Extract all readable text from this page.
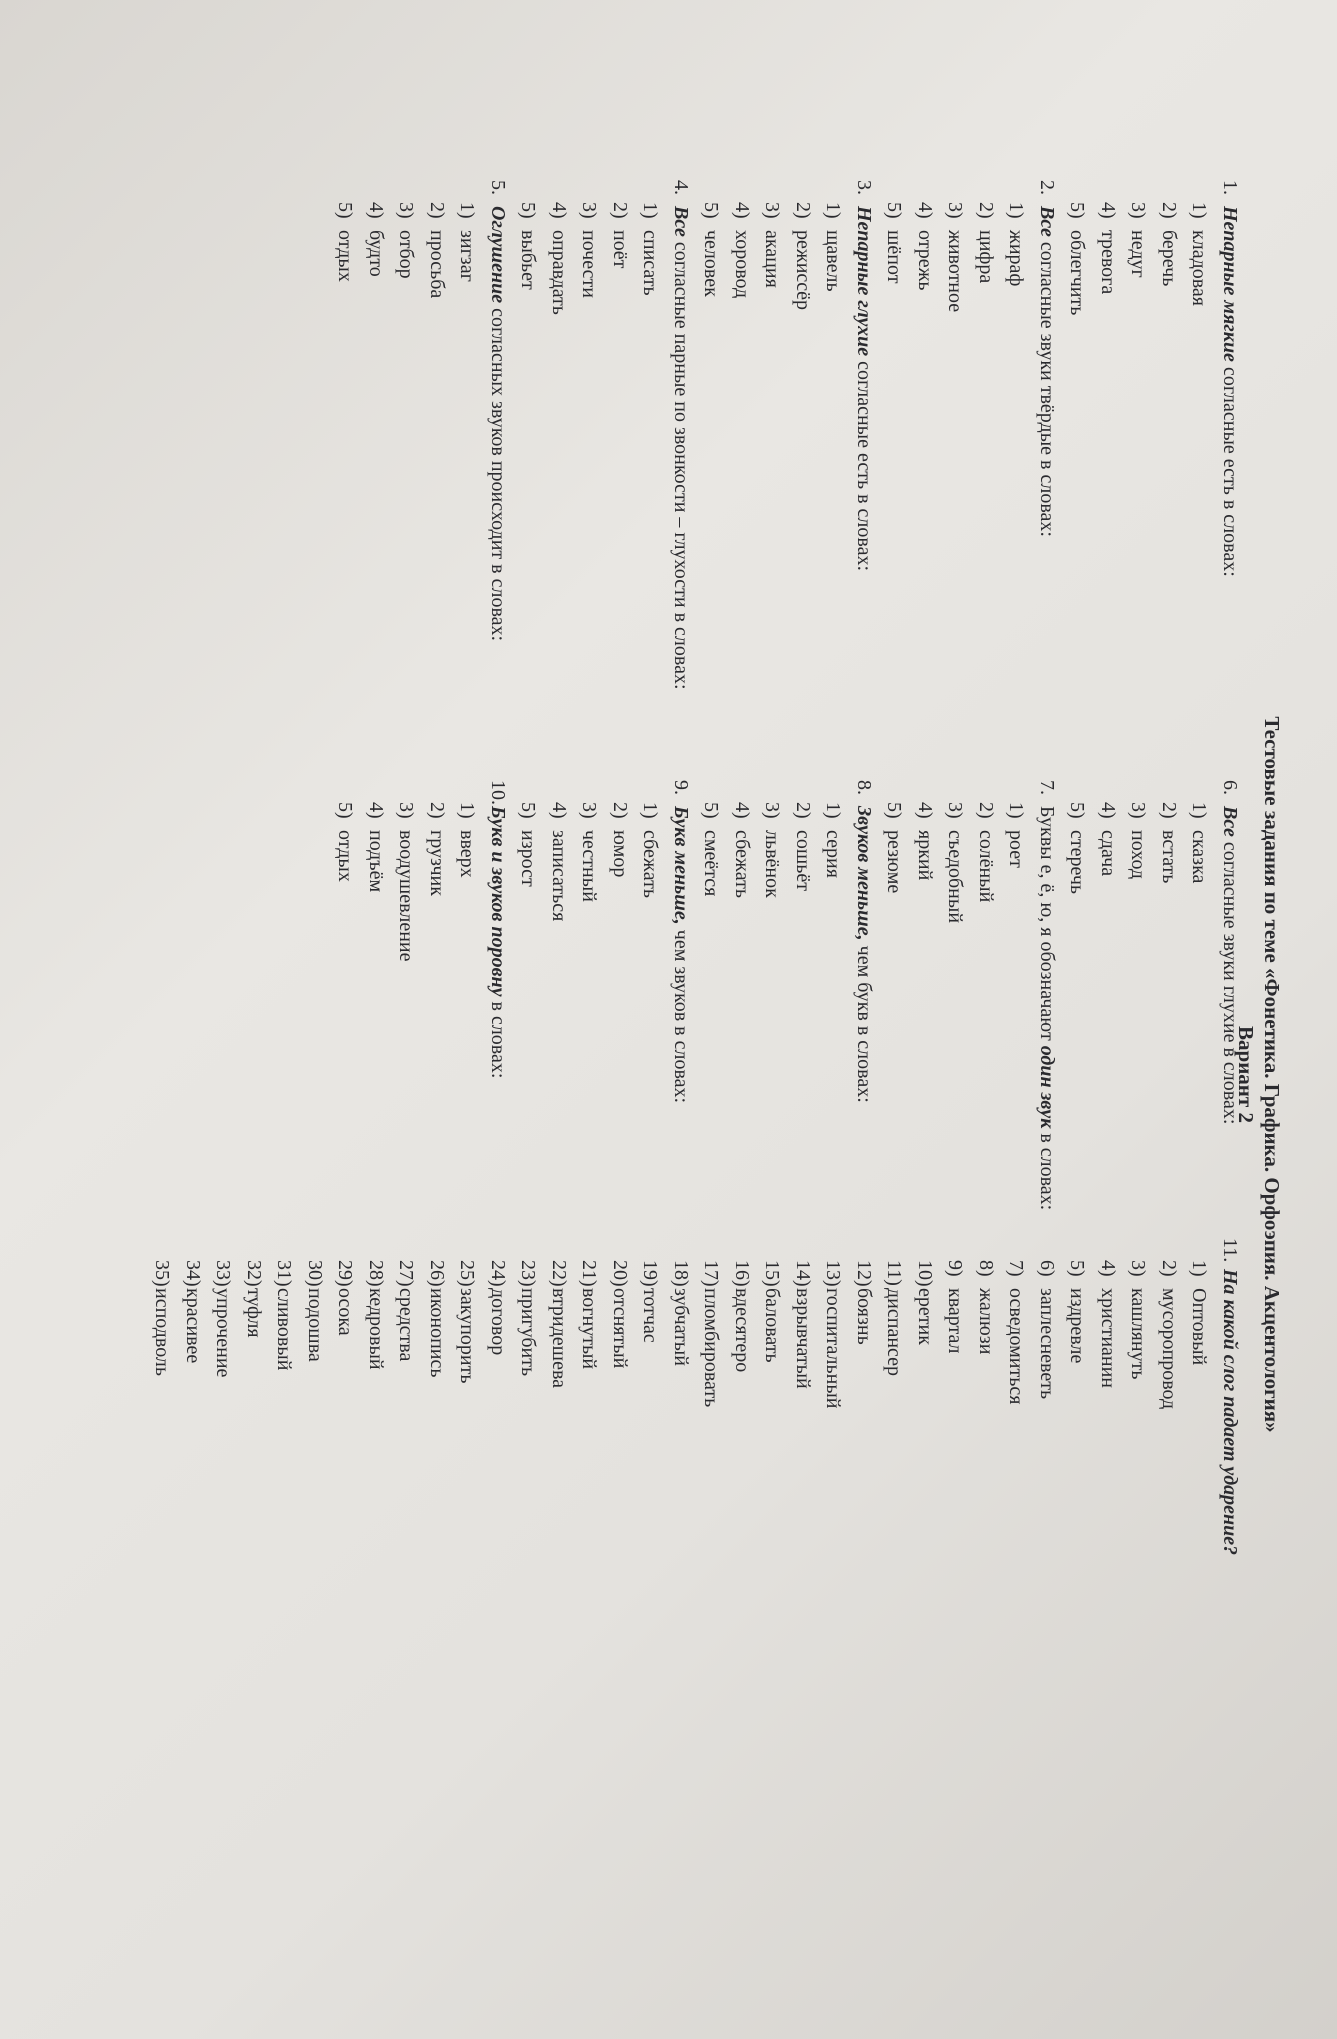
Тестовые задания по теме «Фонетика. Графика. Орфоэпия. Акцентология»
Вариант 2
1.Непарные мягкие согласные есть в словах:
1)кладовая
2)беречь
3)недуг
4)тревога
5)облегчить
2.Все согласные звуки твёрдые в словах:
1)жираф
2)цифра
3)животное
4)отрежь
5)шёпот
3.Непарные глухие согласные есть в словах:
1)щавель
2)режиссёр
3)акация
4)хоровод
5)человек
4.Все согласные парные по звонкости – глухости в словах:
1)списать
2)поёт
3)почести
4)оправдать
5)выбьет
5.Оглушение согласных звуков происходит в словах:
1)зигзаг
2)просьба
3)отбор
4)будто
5)отдых
6.Все согласные звуки глухие в словах:
1)сказка
2)встать
3)поход
4)сдача
5)стеречь
7.Буквы е, ё, ю, я обозначают один звук в словах:
1)роет
2)солёный
3)съедобный
4)яркий
5)резюме
8.Звуков меньше, чем букв в словах:
1)серия
2)сошьёт
3)львёнок
4)сбежать
5)смеётся
9.Букв меньше, чем звуков в словах:
1)сбежать
2)юмор
3)честный
4)записаться
5)изрост
10.Букв и звуков поровну в словах:
1)вверх
2)грузчик
3)воодушевление
4)подъём
5)отдых
11. На какой слог падает ударение?
1)Оптовый
2)мусоропровод
3)кашлянуть
4)христианин
5)издревле
6)заплесневеть
7)осведомиться
8)жалюзи
9)квартал
10)еретик
11)диспансер
12)боязнь
13)госпитальный
14)взрывчатый
15)баловать
16)вдесятеро
17)пломбировать
18)зубчатый
19)тотчас
20)отснятый
21)вогнутый
22)втридешева
23)пригубить
24)договор
25)закупорить
26)иконопись
27)средства
28)кедровый
29)осока
30)подошва
31)сливовый
32)туфля
33)упрочение
34)красивее
35)исподволь
